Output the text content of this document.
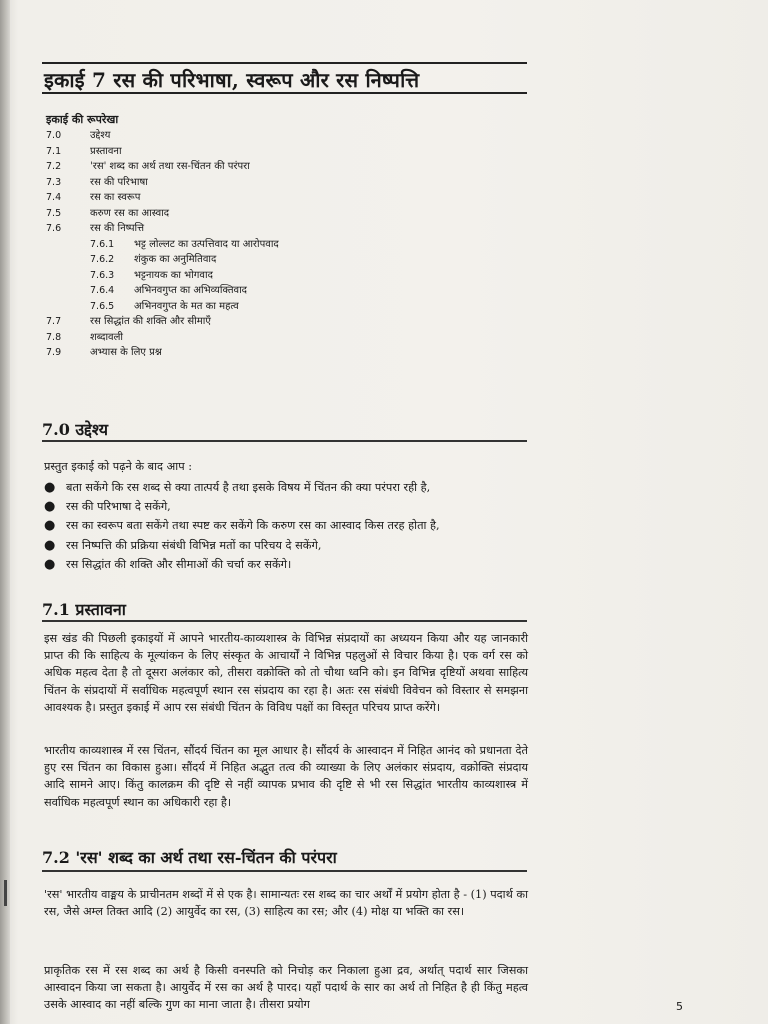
इकाई 7 रस की परिभाषा, स्वरूप और रस निष्पत्ति
इकाई की रूपरेखा
7.0	उद्देश्य
7.1	प्रस्तावना
7.2	'रस' शब्द का अर्थ तथा रस-चिंतन की परंपरा
7.3	रस की परिभाषा
7.4	रस का स्वरूप
7.5	करुण रस का आस्वाद
7.6	रस की निष्पत्ति
7.6.1	भट्ट लोल्लट का उत्पत्तिवाद या आरोपवाद
7.6.2	शंकुक का अनुमितिवाद
7.6.3	भट्टनायक का भोगवाद
7.6.4	अभिनवगुप्त का अभिव्यक्तिवाद
7.6.5	अभिनवगुप्त के मत का महत्व
7.7	रस सिद्धांत की शक्ति और सीमाएँ
7.8	शब्दावली
7.9	अभ्यास के लिए प्रश्न
7.0 उद्देश्य
प्रस्तुत इकाई को पढ़ने के बाद आप :
● बता सकेंगे कि रस शब्द से क्या तात्पर्य है तथा इसके विषय में चिंतन की क्या परंपरा रही है,
● रस की परिभाषा दे सकेंगे,
● रस का स्वरूप बता सकेंगे तथा स्पष्ट कर सकेंगे कि करुण रस का आस्वाद किस तरह होता है,
● रस निष्पत्ति की प्रक्रिया संबंधी विभिन्न मतों का परिचय दे सकेंगे,
● रस सिद्धांत की शक्ति और सीमाओं की चर्चा कर सकेंगे।
7.1 प्रस्तावना
इस खंड की पिछली इकाइयों में आपने भारतीय-काव्यशास्त्र के विभिन्न संप्रदायों का अध्ययन किया और यह जानकारी प्राप्त की कि साहित्य के मूल्यांकन के लिए संस्कृत के आचार्यों ने विभिन्न पहलुओं से विचार किया है। एक वर्ग रस को अधिक महत्व देता है तो दूसरा अलंकार को, तीसरा वक्रोक्ति को तो चौथा ध्वनि को। इन विभिन्न दृष्टियों अथवा साहित्य चिंतन के संप्रदायों में सर्वाधिक महत्वपूर्ण स्थान रस संप्रदाय का रहा है। अतः रस संबंधी विवेचन को विस्तार से समझना आवश्यक है। प्रस्तुत इकाई में आप रस संबंधी चिंतन के विविध पक्षों का विस्तृत परिचय प्राप्त करेंगे।
भारतीय काव्यशास्त्र में रस चिंतन, सौंदर्य चिंतन का मूल आधार है। सौंदर्य के आस्वादन में निहित आनंद को प्रधानता देते हुए रस चिंतन का विकास हुआ। सौंदर्य में निहित अद्भुत तत्व की व्याख्या के लिए अलंकार संप्रदाय, वक्रोक्ति संप्रदाय आदि सामने आए। किंतु कालक्रम की दृष्टि से नहीं व्यापक प्रभाव की दृष्टि से भी रस सिद्धांत भारतीय काव्यशास्त्र में सर्वाधिक महत्वपूर्ण स्थान का अधिकारी रहा है।
7.2 'रस' शब्द का अर्थ तथा रस-चिंतन की परंपरा
'रस' भारतीय वाङ्मय के प्राचीनतम शब्दों में से एक है। सामान्यतः रस शब्द का चार अर्थों में प्रयोग होता है - (1) पदार्थ का रस, जैसे अम्ल तिक्त आदि (2) आयुर्वेद का रस, (3) साहित्य का रस; और (4) मोक्ष या भक्ति का रस।
प्राकृतिक रस में रस शब्द का अर्थ है किसी वनस्पति को निचोड़ कर निकाला हुआ द्रव, अर्थात् पदार्थ सार जिसका आस्वादन किया जा सकता है। आयुर्वेद में रस का अर्थ है पारद। यहाँ पदार्थ के सार का अर्थ तो निहित है ही किंतु महत्व उसके आस्वाद का नहीं बल्कि गुण का माना जाता है। तीसरा प्रयोग	5
